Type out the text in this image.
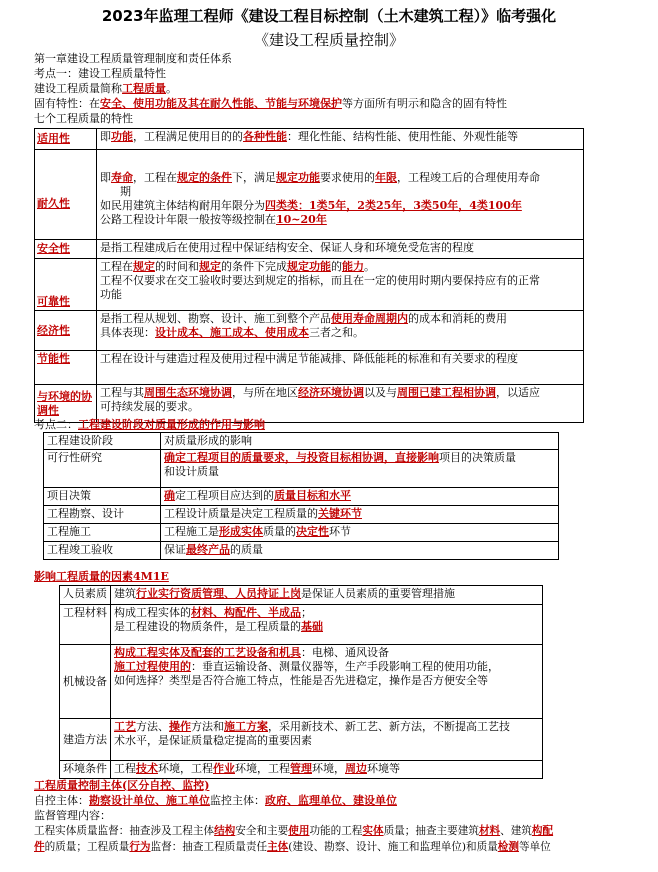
2023年监理工程师《建设工程目标控制（土木建筑工程）》临考强化
《建设工程质量控制》
第一章建设工程质量管理制度和责任体系
考点一：建设工程质量特性
建设工程质量简称工程质量。
固有特性：在安全、使用功能及其在耐久性能、节能与环境保护等方面所有明示和隐含的固有特性
七个工程质量的特性
适用性	即功能，工程满足使用目的的各种性能：理化性能、结构性能、使用性能、外观性能等

耐久性	即寿命，工程在规定的条件下，满足规定功能要求使用的年限，工程竣工后的合理使用寿命
期
如民用建筑主体结构耐用年限分为四类类：1类5年，2类25年，3类50年，4类100年
公路工程设计年限一般按等级控制在10~20年
安全性	是指工程建成后在使用过程中保证结构安全、保证人身和环境免受危害的程度
可靠性	工程在规定的时间和规定的条件下完成规定功能的能力。
工程不仅要求在交工验收时要达到规定的指标，而且在一定的使用时期内要保持应有的正常
功能
经济性	是指工程从规划、勘察、设计、施工到整个产品使用寿命周期内的成本和消耗的费用
具体表现：设计成本、施工成本、使用成本三者之和。
节能性	工程在设计与建造过程及使用过程中满足节能减排、降低能耗的标准和有关要求的程度
与环境的协调性	工程与其周围生态环境协调，与所在地区经济环境协调以及与周围已建工程相协调，以适应
可持续发展的要求。
考点二：工程建设阶段对质量形成的作用与影响
工程建设阶段	对质量形成的影响
可行性研究	确定工程项目的质量要求，与投资目标相协调，直接影响项目的决策质量
和设计质量
项目决策	确定工程项目应达到的质量目标和水平
工程勘察、设计	工程设计质量是决定工程质量的关键环节
工程施工	工程施工是形成实体质量的决定性环节
工程竣工验收	保证最终产品的质量
影响工程质量的因素4M1E
人员素质	建筑行业实行资质管理、人员持证上岗是保证人员素质的重要管理措施
工程材料	构成工程实体的材料、构配件、半成品；
是工程建设的物质条件，是工程质量的基础
机械设备	构成工程实体及配套的工艺设备和机具：电梯、通风设备
施工过程使用的：垂直运输设备、测量仪器等，生产手段影响工程的使用功能，
如何选择？类型是否符合施工特点，性能是否先进稳定，操作是否方便安全等
建造方法	工艺方法、操作方法和施工方案，采用新技术、新工艺、新方法，不断提高工艺技
术水平，是保证质量稳定提高的重要因素
环境条件	工程技术环境，工程作业环境，工程管理环境，周边环境等
工程质量控制主体(区分自控、监控)
自控主体：勘察设计单位、施工单位监控主体：政府、监理单位、建设单位
监督管理内容：
工程实体质量监督：抽查涉及工程主体结构安全和主要使用功能的工程实体质量；抽查主要建筑材料、建筑构配
件的质量；工程质量行为监督：抽查工程质量责任主体(建设、勘察、设计、施工和监理单位)和质量检测等单位
